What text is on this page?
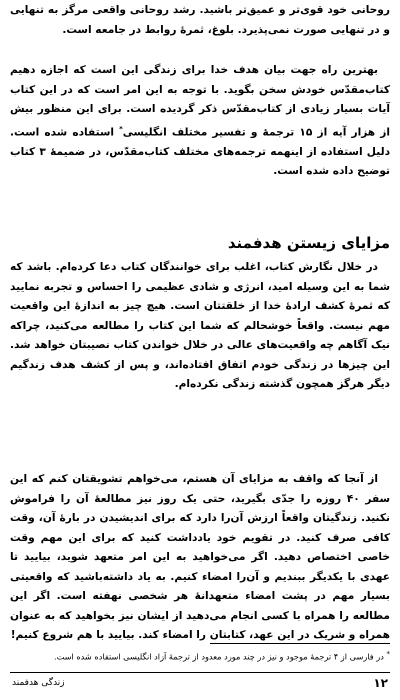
روحانی خود قوی‌تر و عمیق‌تر باشید. رشد روحانی واقعی مرگز به تنهایی و در تنهایی صورت نمی‌پذیرد. بلوغ، ثمرهٔ روابط در جامعه است.

بهترین راه جهت بیان هدف خدا برای زندگی این است که اجازه دهیم کتاب‌مقدّس خودش سخن بگوید. با توجه به این امر است که در این کتاب آیات بسیار زیادی از کتاب‌مقدّس ذکر گردیده است. برای این منظور بیش از هزار آیه از ۱۵ ترجمهٔ و تفسیر مختلف انگلیسی* استفاده شده است. دلیل استفاده از اینهمه ترجمه‌های مختلف کتاب‌مقدّس، در ضمیمهٔ ۳ کتاب توضیح داده شده است.

مزایای زیستن هدفمند

در خلال نگارش کتاب، اغلب برای خوانندگان کتاب دعا کرده‌ام. باشد که شما به این وسیله امید، انرژی و شادی عظیمی را احساس و تجربه نمایید که ثمرهٔ کشف ارادهٔ خدا از خلقتتان است. هیچ چیز به اندازهٔ این واقعیت مهم نیست. واقعاً خوشحالم که شما این کتاب را مطالعه می‌کنید، چراکه نیک آگاهم چه واقعیت‌های عالی در خلال خواندن کتاب نصیبتان خواهد شد. این چیزها در زندگی خودم اتفاق افتاده‌اند، و پس از کشف هدف زندگیم دیگر هرگز همچون گذشته زندگی نکرده‌ام.

از آنجا که واقف به مزایای آن هستم، می‌خواهم تشویقتان کنم که این سفر ۴۰ روزه را جدّی بگیرید، حتی یک روز نیز مطالعهٔ آن را فراموش نکنید. زندگیتان واقعاً ارزش آن‌را دارد که برای اندیشیدن در بارهٔ آن، وقت کافی صرف کنید. در تقویم خود یادداشت کنید که برای این مهم وقت خاصی اختصاص دهید. اگر می‌خواهید به این امر متعهد شوید، بیایید تا عهدی با یکدیگر ببندیم و آن‌را امضاء کنیم. به یاد داشته‌باشید که واقعیتی بسیار مهم در پشت امضاء متعهدانهٔ هر شخصی نهفته است. اگر این مطالعه را همراه با کسی انجام می‌دهید از ایشان نیز بخواهید که به عنوان همراه و شریک در این عهد، کتابتان را امضاء کند. بیایید با هم شروع کنیم!

* در فارسی از ۴ ترجمهٔ موجود و نیز در چند مورد معدود از ترجمهٔ آزاد انگلیسی استفاده شده است.

۱۲
زندگی هدفمند
